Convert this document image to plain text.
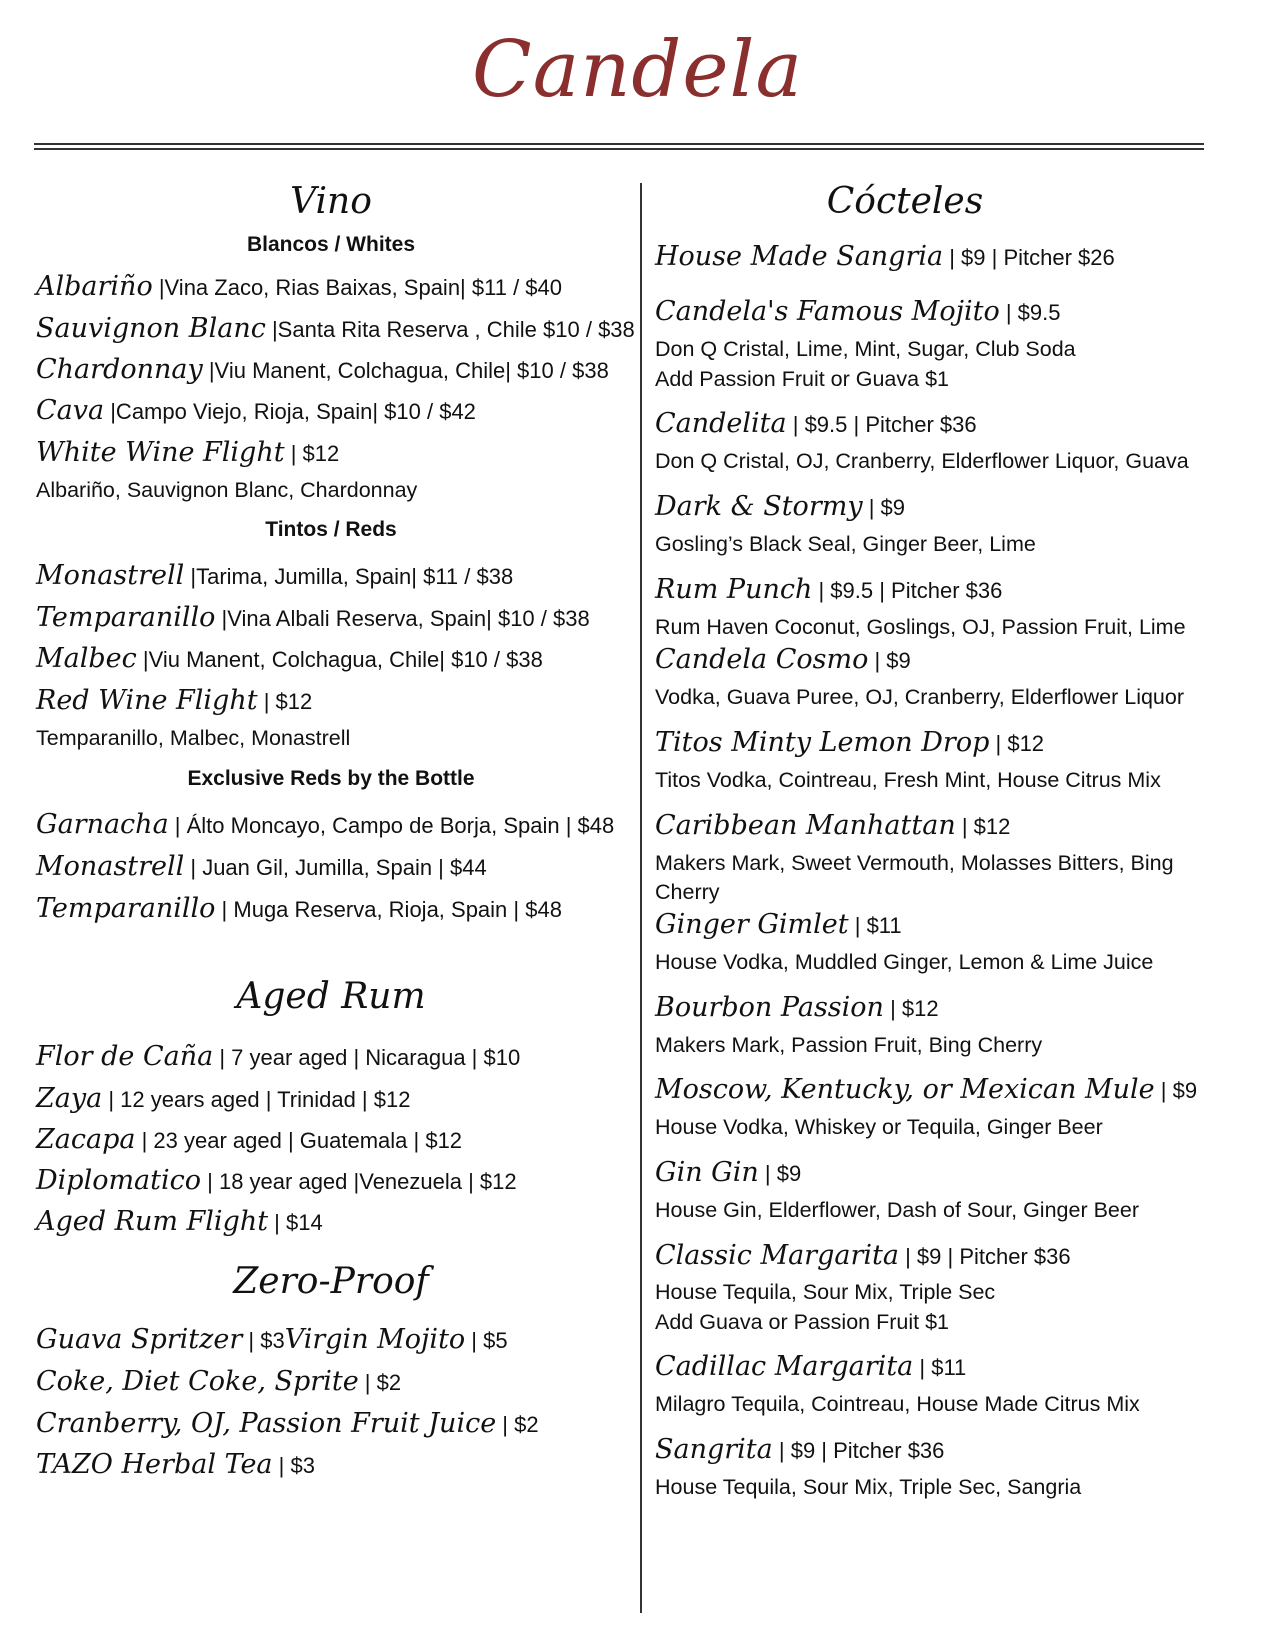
Candela

Vino

Blancos / Whites

Albariño |Vina Zaco, Rias Baixas, Spain| $11 / $40

Sauvignon Blanc |Santa Rita Reserva , Chile $10 / $38

Chardonnay |Viu Manent, Colchagua, Chile| $10 / $38

Cava |Campo Viejo, Rioja, Spain| $10 / $42

White Wine Flight | $12

Albariño, Sauvignon Blanc, Chardonnay

Tintos / Reds

Monastrell |Tarima, Jumilla, Spain| $11 / $38

Temparanillo |Vina Albali Reserva, Spain| $10 / $38

Malbec |Viu Manent, Colchagua, Chile| $10 / $38

Red Wine Flight | $12

Temparanillo, Malbec, Monastrell

Exclusive Reds by the Bottle

Garnacha | Álto Moncayo, Campo de Borja, Spain | $48

Monastrell | Juan Gil, Jumilla, Spain | $44

Temparanillo | Muga Reserva, Rioja, Spain | $48

Aged Rum

Flor de Caña | 7 year aged | Nicaragua | $10

Zaya | 12 years aged | Trinidad | $12

Zacapa | 23 year aged | Guatemala | $12

Diplomatico | 18 year aged |Venezuela | $12

Aged Rum Flight | $14

Zero-Proof

Guava Spritzer | $3Virgin Mojito | $5

Coke, Diet Coke, Sprite | $2

Cranberry, OJ, Passion Fruit Juice | $2

TAZO Herbal Tea | $3

Cócteles

House Made Sangria | $9 | Pitcher $26

Candela's Famous Mojito | $9.5

Don Q Cristal, Lime, Mint, Sugar, Club Soda

Add Passion Fruit or Guava $1

Candelita | $9.5 | Pitcher $36

Don Q Cristal, OJ, Cranberry, Elderflower Liquor, Guava

Dark & Stormy | $9

Gosling’s Black Seal, Ginger Beer, Lime

Rum Punch | $9.5 | Pitcher $36

Rum Haven Coconut, Goslings, OJ, Passion Fruit, Lime

Candela Cosmo | $9

Vodka, Guava Puree, OJ, Cranberry, Elderflower Liquor

Titos Minty Lemon Drop | $12

Titos Vodka, Cointreau, Fresh Mint, House Citrus Mix

Caribbean Manhattan | $12

Makers Mark, Sweet Vermouth, Molasses Bitters, Bing

Cherry

Ginger Gimlet | $11

House Vodka, Muddled Ginger, Lemon & Lime Juice

Bourbon Passion | $12

Makers Mark, Passion Fruit, Bing Cherry

Moscow, Kentucky, or Mexican Mule | $9

House Vodka, Whiskey or Tequila, Ginger Beer

Gin Gin | $9

House Gin, Elderflower, Dash of Sour, Ginger Beer

Classic Margarita | $9 | Pitcher $36

House Tequila, Sour Mix, Triple Sec

Add Guava or Passion Fruit $1

Cadillac Margarita | $11

Milagro Tequila, Cointreau, House Made Citrus Mix

Sangrita | $9 | Pitcher $36

House Tequila, Sour Mix, Triple Sec, Sangria
